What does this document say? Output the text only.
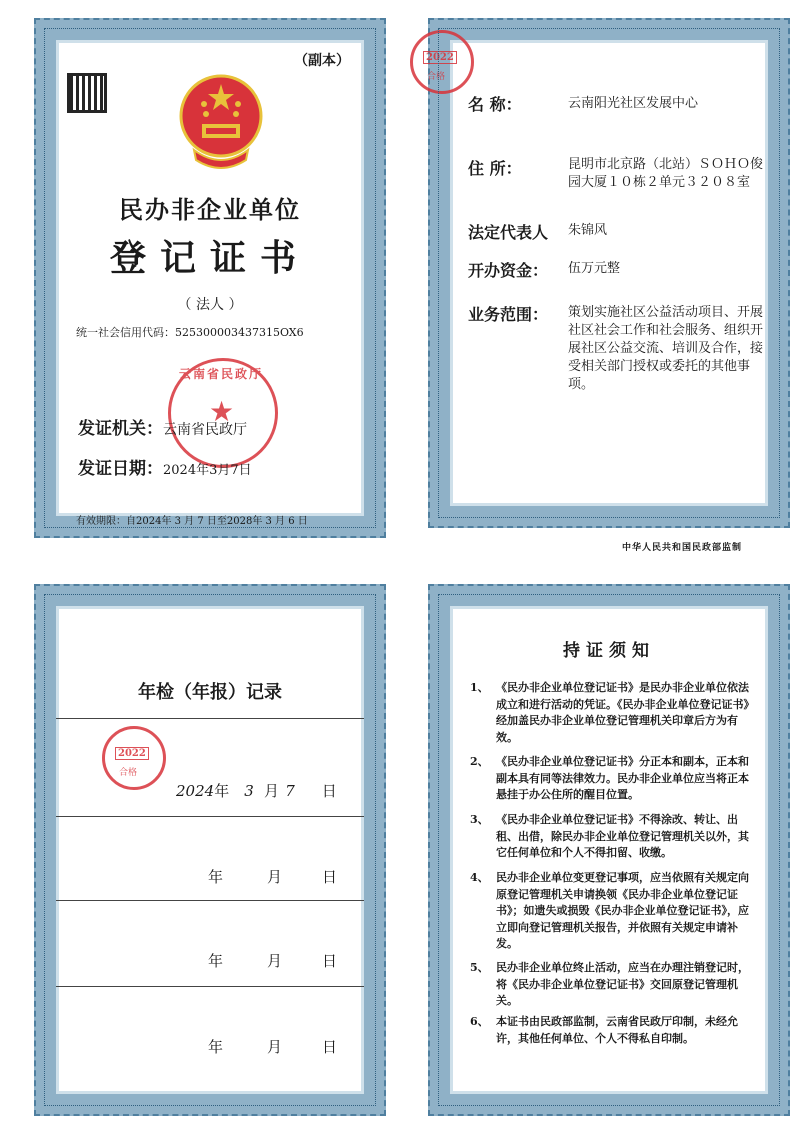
（副本）
民办非企业单位
登记证书
（ 法人 ）
统一社会信用代码：525300003437315OX6
云南省民政厅
★
发证机关：云南省民政厅
发证日期：2024年3月7日
有效期限：自2024年 3 月 7 日至2028年 3 月 6 日
2022
合格
名 称：	云南阳光社区发展中心
住 所：	昆明市北京路（北站）ＳＯＨＯ俊园大厦１０栋２单元３２０８室
法定代表人 朱锦风
开办资金： 伍万元整
业务范围： 策划实施社区公益活动项目、开展社区社会工作和社会服务、组织开展社区公益交流、培训及合作，接受相关部门授权或委托的其他事项。
中华人民共和国民政部监制
年检（年报）记录
2022
合格
2024年 3 月 7 日
年	月	日
年	月	日
年	月	日
持证须知
1、 《民办非企业单位登记证书》是民办非企业单位依法成立和进行活动的凭证。《民办非企业单位登记证书》经加盖民办非企业单位登记管理机关印章后方为有效。
2、 《民办非企业单位登记证书》分正本和副本，正本和副本具有同等法律效力。民办非企业单位应当将正本悬挂于办公住所的醒目位置。
3、 《民办非企业单位登记证书》不得涂改、转让、出租、出借，除民办非企业单位登记管理机关以外，其它任何单位和个人不得扣留、收缴。
4、 民办非企业单位变更登记事项，应当依照有关规定向原登记管理机关申请换领《民办非企业单位登记证书》；如遗失或损毁《民办非企业单位登记证书》，应立即向登记管理机关报告，并依照有关规定申请补发。
5、 民办非企业单位终止活动，应当在办理注销登记时，将《民办非企业单位登记证书》交回原登记管理机关。
6、 本证书由民政部监制，云南省民政厅印制，未经允许，其他任何单位、个人不得私自印制。
